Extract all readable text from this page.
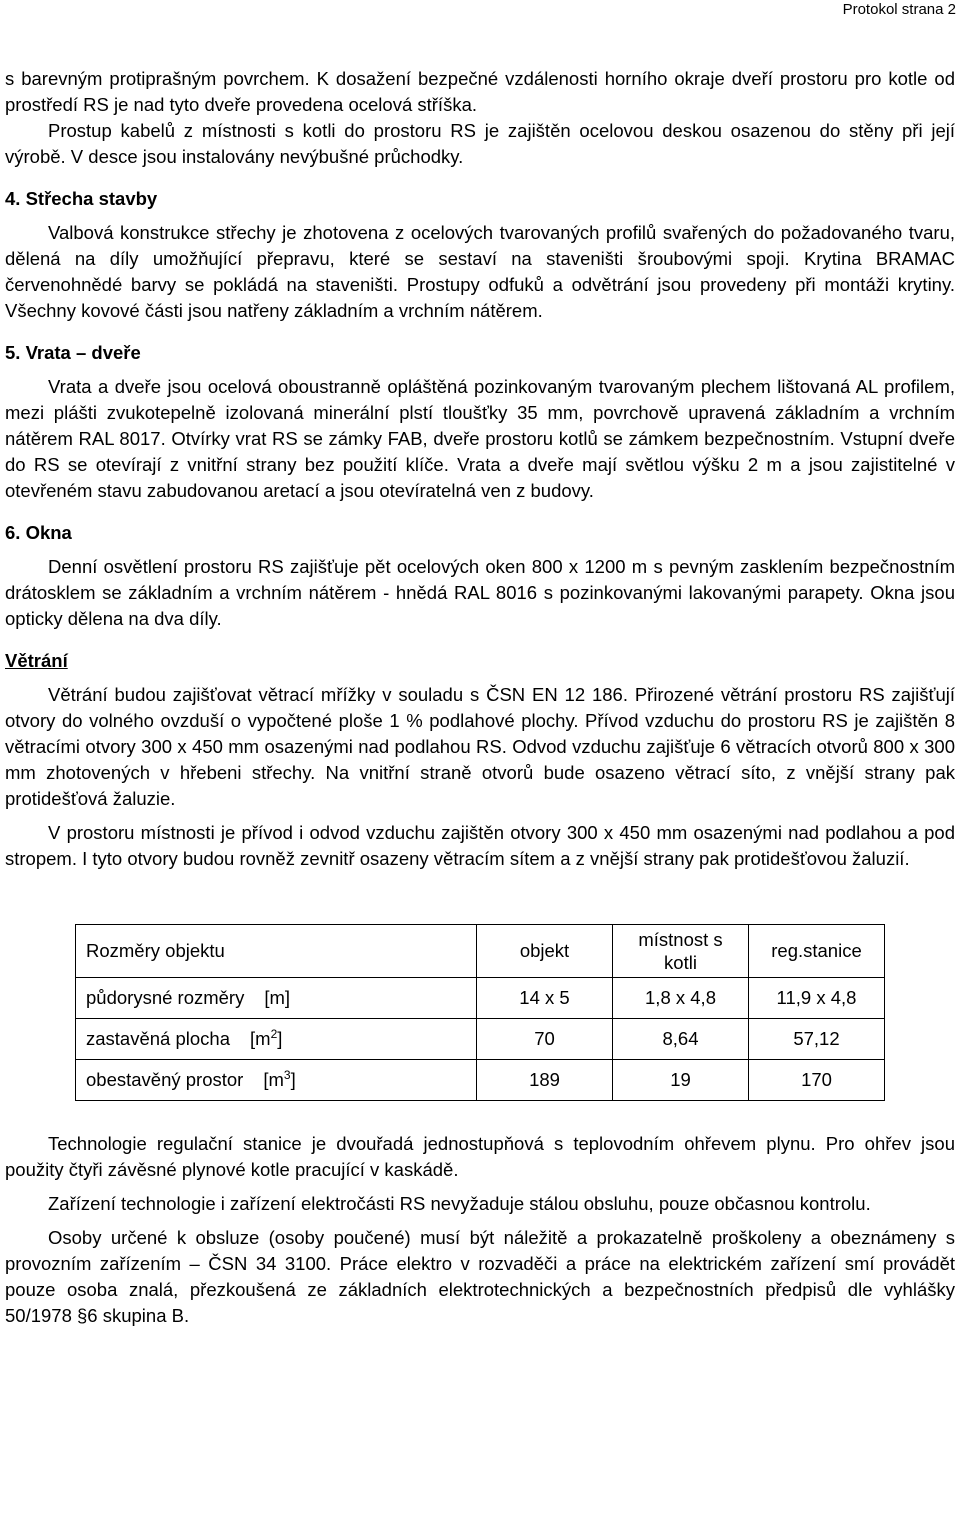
Protokol strana 2

s barevným protiprašným povrchem. K dosažení bezpečné vzdálenosti horního okraje dveří prostoru pro kotle od prostředí RS je nad tyto dveře provedena ocelová stříška.

Prostup kabelů z místnosti s kotli do prostoru RS je zajištěn ocelovou deskou osazenou do stěny při její výrobě. V desce jsou instalovány nevýbušné průchodky.

4. Střecha stavby

Valbová konstrukce střechy je zhotovena z ocelových tvarovaných profilů svařených do požadovaného tvaru, dělená na díly umožňující přepravu, které se sestaví na staveništi šroubovými spoji. Krytina BRAMAC červenohnědé barvy se pokládá na staveništi. Prostupy odfuků a odvětrání jsou provedeny při montáži krytiny. Všechny kovové části jsou natřeny základním a vrchním nátěrem.

5. Vrata – dveře

Vrata a dveře jsou ocelová oboustranně opláštěná pozinkovaným tvarovaným plechem lištovaná AL profilem, mezi plášti zvukotepelně izolovaná minerální plstí tloušťky 35 mm, povrchově upravená základním a vrchním nátěrem RAL 8017. Otvírky vrat RS se zámky FAB, dveře prostoru kotlů se zámkem bezpečnostním. Vstupní dveře do RS se otevírají z vnitřní strany bez použití klíče. Vrata a dveře mají světlou výšku 2 m a jsou zajistitelné v otevřeném stavu zabudovanou aretací a jsou otevíratelná ven z budovy.

6. Okna

Denní osvětlení prostoru RS zajišťuje pět ocelových oken 800 x 1200 m s pevným zasklením bezpečnostním drátosklem se základním a vrchním nátěrem - hnědá RAL 8016 s pozinkovanými lakovanými parapety. Okna jsou opticky dělena na dva díly.

Větrání

Větrání budou zajišťovat větrací mřížky v souladu s ČSN EN 12 186. Přirozené větrání prostoru RS zajišťují otvory do volného ovzduší o vypočtené ploše 1 % podlahové plochy. Přívod vzduchu do prostoru RS je zajištěn 8 větracími otvory 300 x 450 mm osazenými nad podlahou RS. Odvod vzduchu zajišťuje 6 větracích otvorů 800 x 300 mm zhotovených v hřebeni střechy. Na vnitřní straně otvorů bude osazeno větrací síto, z vnější strany pak protidešťová žaluzie.

V prostoru místnosti je přívod i odvod vzduchu zajištěn otvory 300 x 450 mm osazenými nad podlahou a pod stropem. I tyto otvory budou rovněž zevnitř osazeny větracím sítem a z vnější strany pak protidešťovou žaluzií.

Rozměry objektu	objekt	místnost s kotli	reg.stanice
půdorysné rozměry [m]	14 x 5	1,8 x 4,8	11,9 x 4,8
zastavěná plocha $[m^2]$	70	8,64	57,12
obestavěný prostor $[m^3]$	189	19	170

Technologie regulační stanice je dvouřadá jednostupňová s teplovodním ohřevem plynu. Pro ohřev jsou použity čtyři závěsné plynové kotle pracující v kaskádě.

Zařízení technologie i zařízení elektročásti RS nevyžaduje stálou obsluhu, pouze občasnou kontrolu.

Osoby určené k obsluze (osoby poučené) musí být náležitě a prokazatelně proškoleny a obeznámeny s provozním zařízením – ČSN 34 3100. Práce elektro v rozvaděči a práce na elektrickém zařízení smí provádět pouze osoba znalá, přezkoušená ze základních elektrotechnických a bezpečnostních předpisů dle vyhlášky 50/1978 §6 skupina B.
